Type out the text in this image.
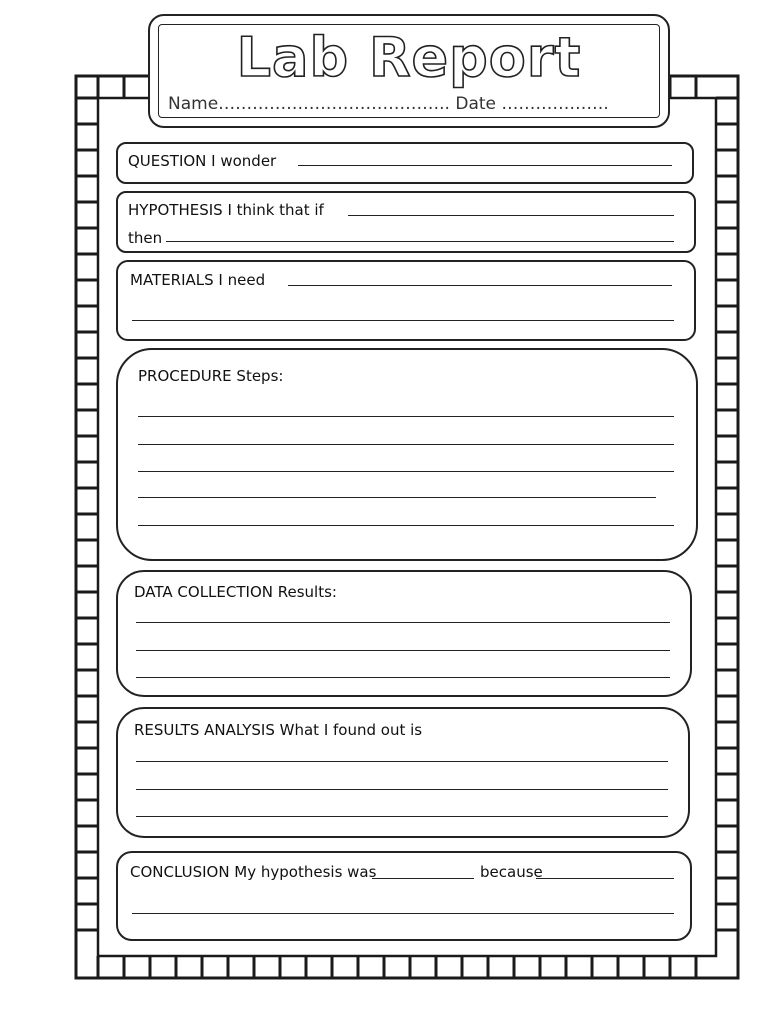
Lab Report
Name………………………………….. Date ……………….
QUESTION I wonder
HYPOTHESIS I think that if
then
MATERIALS I need
PROCEDURE Steps:
DATA COLLECTION Results:
RESULTS ANALYSIS What I found out is
CONCLUSION My hypothesis was	because
